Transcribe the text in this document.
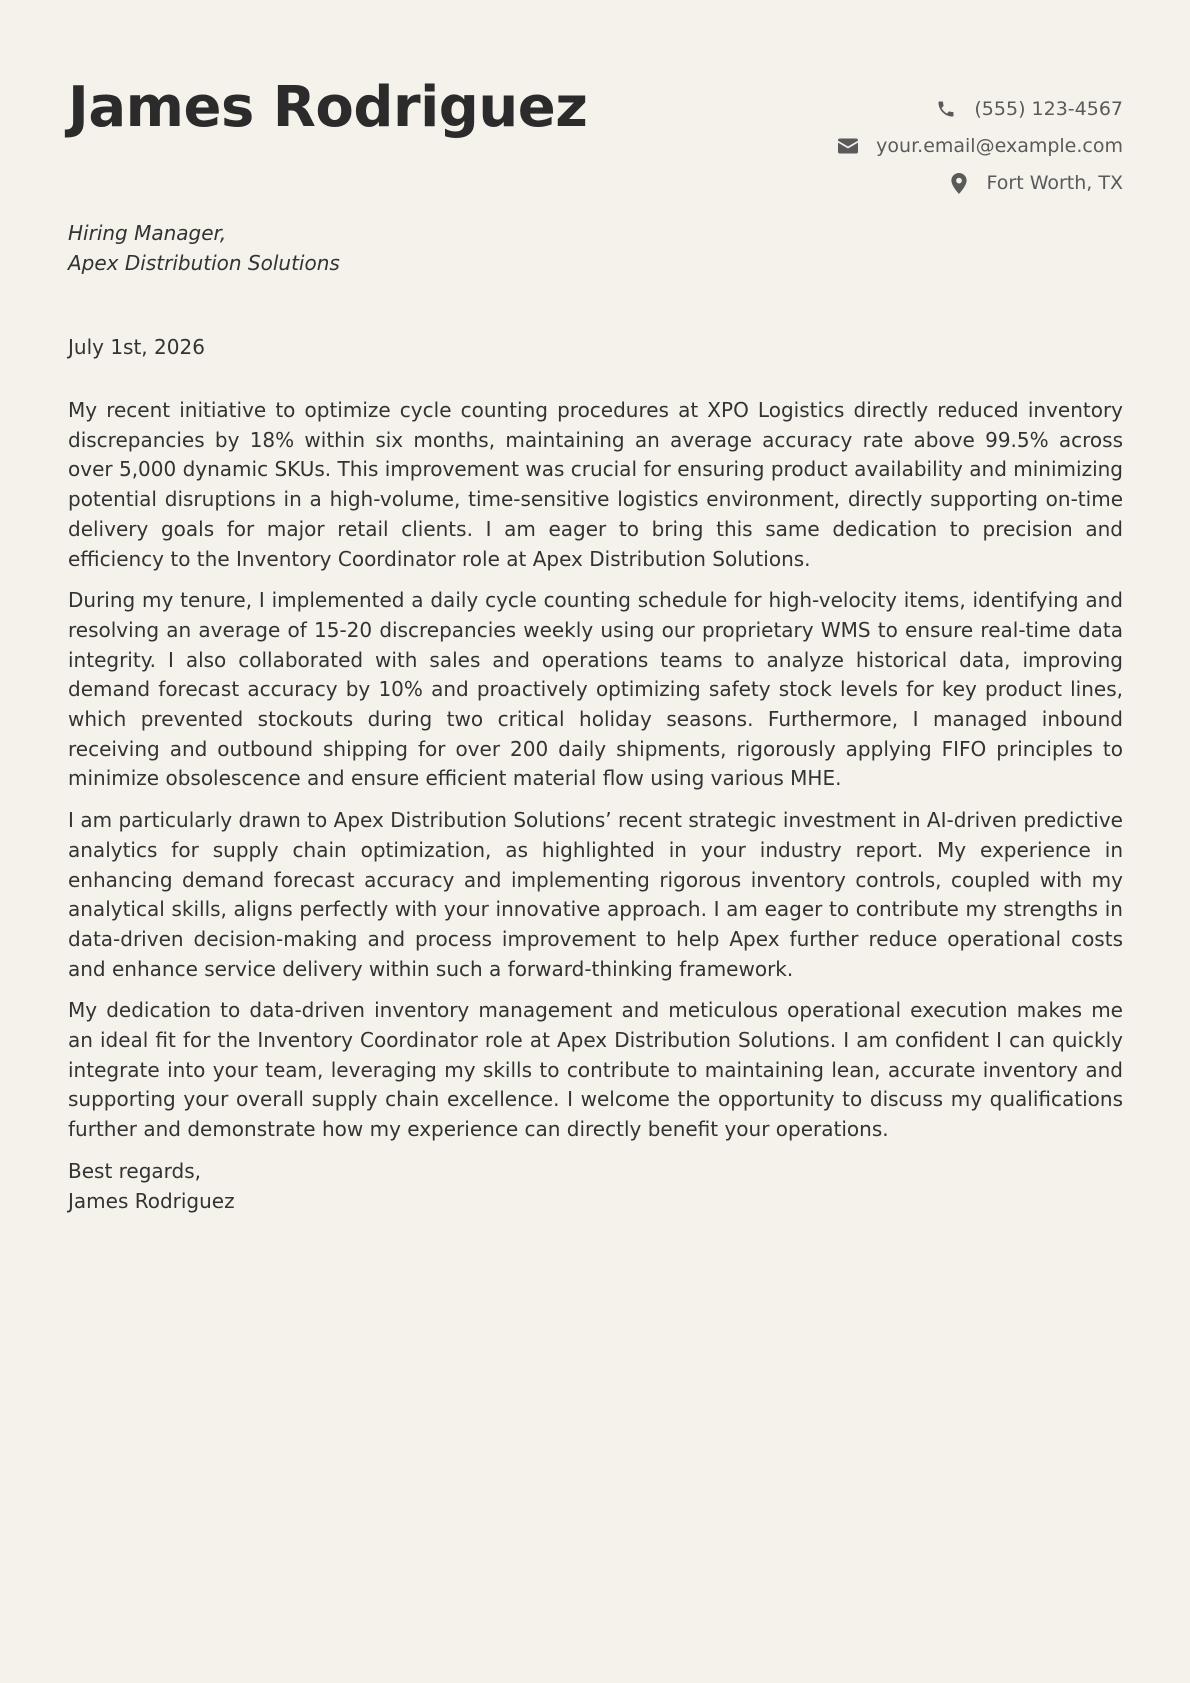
James Rodriguez	(555) 123-4567
your.email@example.com
Fort Worth, TX
Hiring Manager,
Apex Distribution Solutions
July 1st, 2026

My recent initiative to optimize cycle counting procedures at XPO Logistics directly reduced inventory discrepancies by 18% within six months, maintaining an average accuracy rate above 99.5% across over 5,000 dynamic SKUs. This improvement was crucial for ensuring product availability and minimizing potential disruptions in a high-volume, time-sensitive logistics environment, directly supporting on-time delivery goals for major retail clients. I am eager to bring this same dedication to precision and efficiency to the Inventory Coordinator role at Apex Distribution Solutions.

During my tenure, I implemented a daily cycle counting schedule for high-velocity items, identifying and resolving an average of 15-20 discrepancies weekly using our proprietary WMS to ensure real-time data integrity. I also collaborated with sales and operations teams to analyze historical data, improving demand forecast accuracy by 10% and proactively optimizing safety stock levels for key product lines, which prevented stockouts during two critical holiday seasons. Furthermore, I managed inbound receiving and outbound shipping for over 200 daily shipments, rigorously applying FIFO principles to minimize obsolescence and ensure efficient material flow using various MHE.

I am particularly drawn to Apex Distribution Solutions’ recent strategic investment in AI-driven predictive analytics for supply chain optimization, as highlighted in your industry report. My experience in enhancing demand forecast accuracy and implementing rigorous inventory controls, coupled with my analytical skills, aligns perfectly with your innovative approach. I am eager to contribute my strengths in data-driven decision-making and process improvement to help Apex further reduce operational costs and enhance service delivery within such a forward-thinking framework.

My dedication to data-driven inventory management and meticulous operational execution makes me an ideal fit for the Inventory Coordinator role at Apex Distribution Solutions. I am confident I can quickly integrate into your team, leveraging my skills to contribute to maintaining lean, accurate inventory and supporting your overall supply chain excellence. I welcome the opportunity to discuss my qualifications further and demonstrate how my experience can directly benefit your operations.

Best regards,
James Rodriguez
